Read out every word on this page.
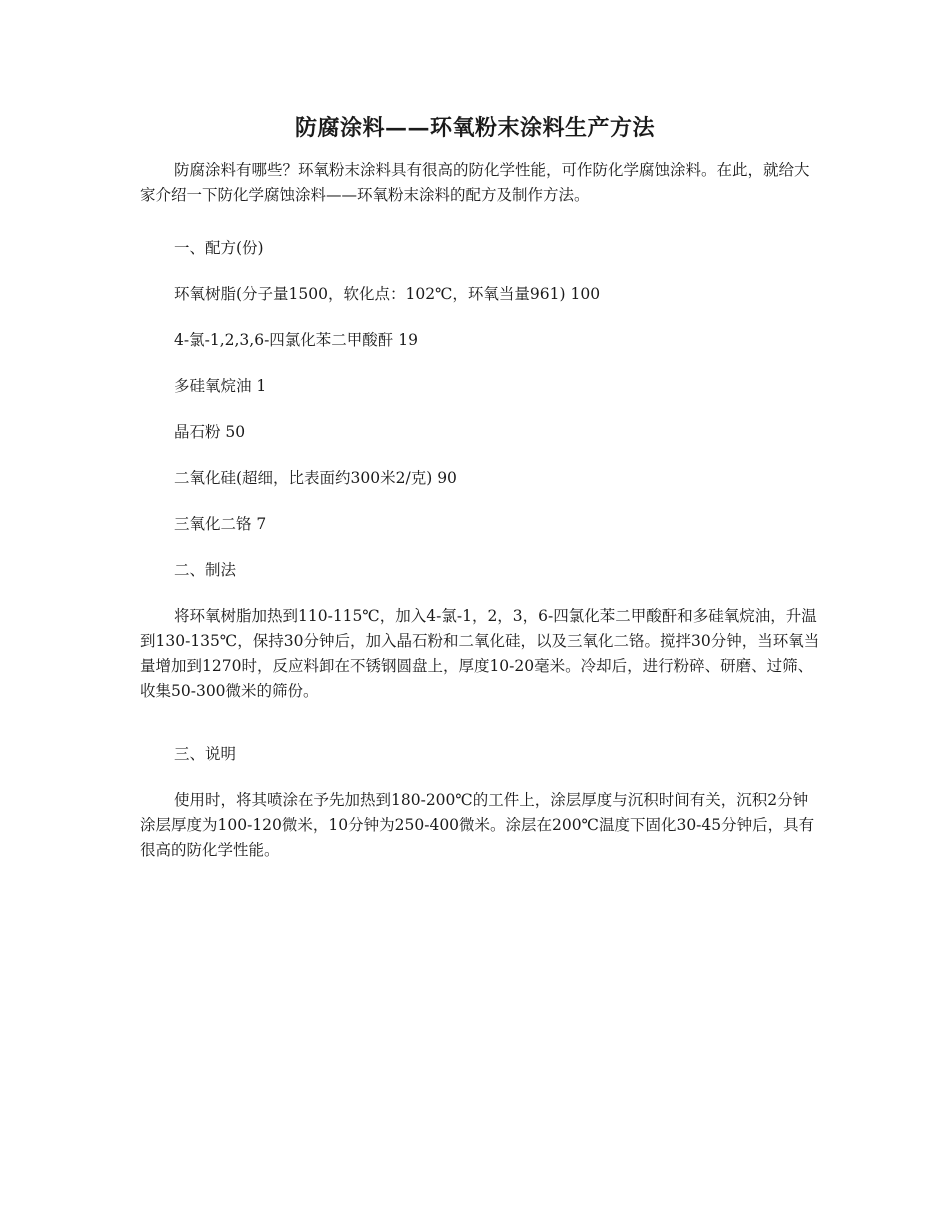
防腐涂料——环氧粉末涂料生产方法

防腐涂料有哪些？环氧粉末涂料具有很高的防化学性能，可作防化学腐蚀涂料。在此，就给大家介绍一下防化学腐蚀涂料——环氧粉末涂料的配方及制作方法。

一、配方(份)
环氧树脂(分子量1500，软化点：102℃，环氧当量961) 100
4-氯-1,2,3,6-四氯化苯二甲酸酐 19
多硅氧烷油 1
晶石粉 50
二氧化硅(超细，比表面约300米2/克) 90
三氧化二铬 7
二、制法

将环氧树脂加热到110-115℃，加入4-氯-1，2，3，6-四氯化苯二甲酸酐和多硅氧烷油，升温到130-135℃，保持30分钟后，加入晶石粉和二氧化硅，以及三氧化二铬。搅拌30分钟，当环氧当量增加到1270时，反应料卸在不锈钢圆盘上，厚度10-20毫米。冷却后，进行粉碎、研磨、过筛、收集50-300微米的筛份。

三、说明

使用时，将其喷涂在予先加热到180-200℃的工件上，涂层厚度与沉积时间有关，沉积2分钟涂层厚度为100-120微米，10分钟为250-400微米。涂层在200℃温度下固化30-45分钟后，具有很高的防化学性能。
